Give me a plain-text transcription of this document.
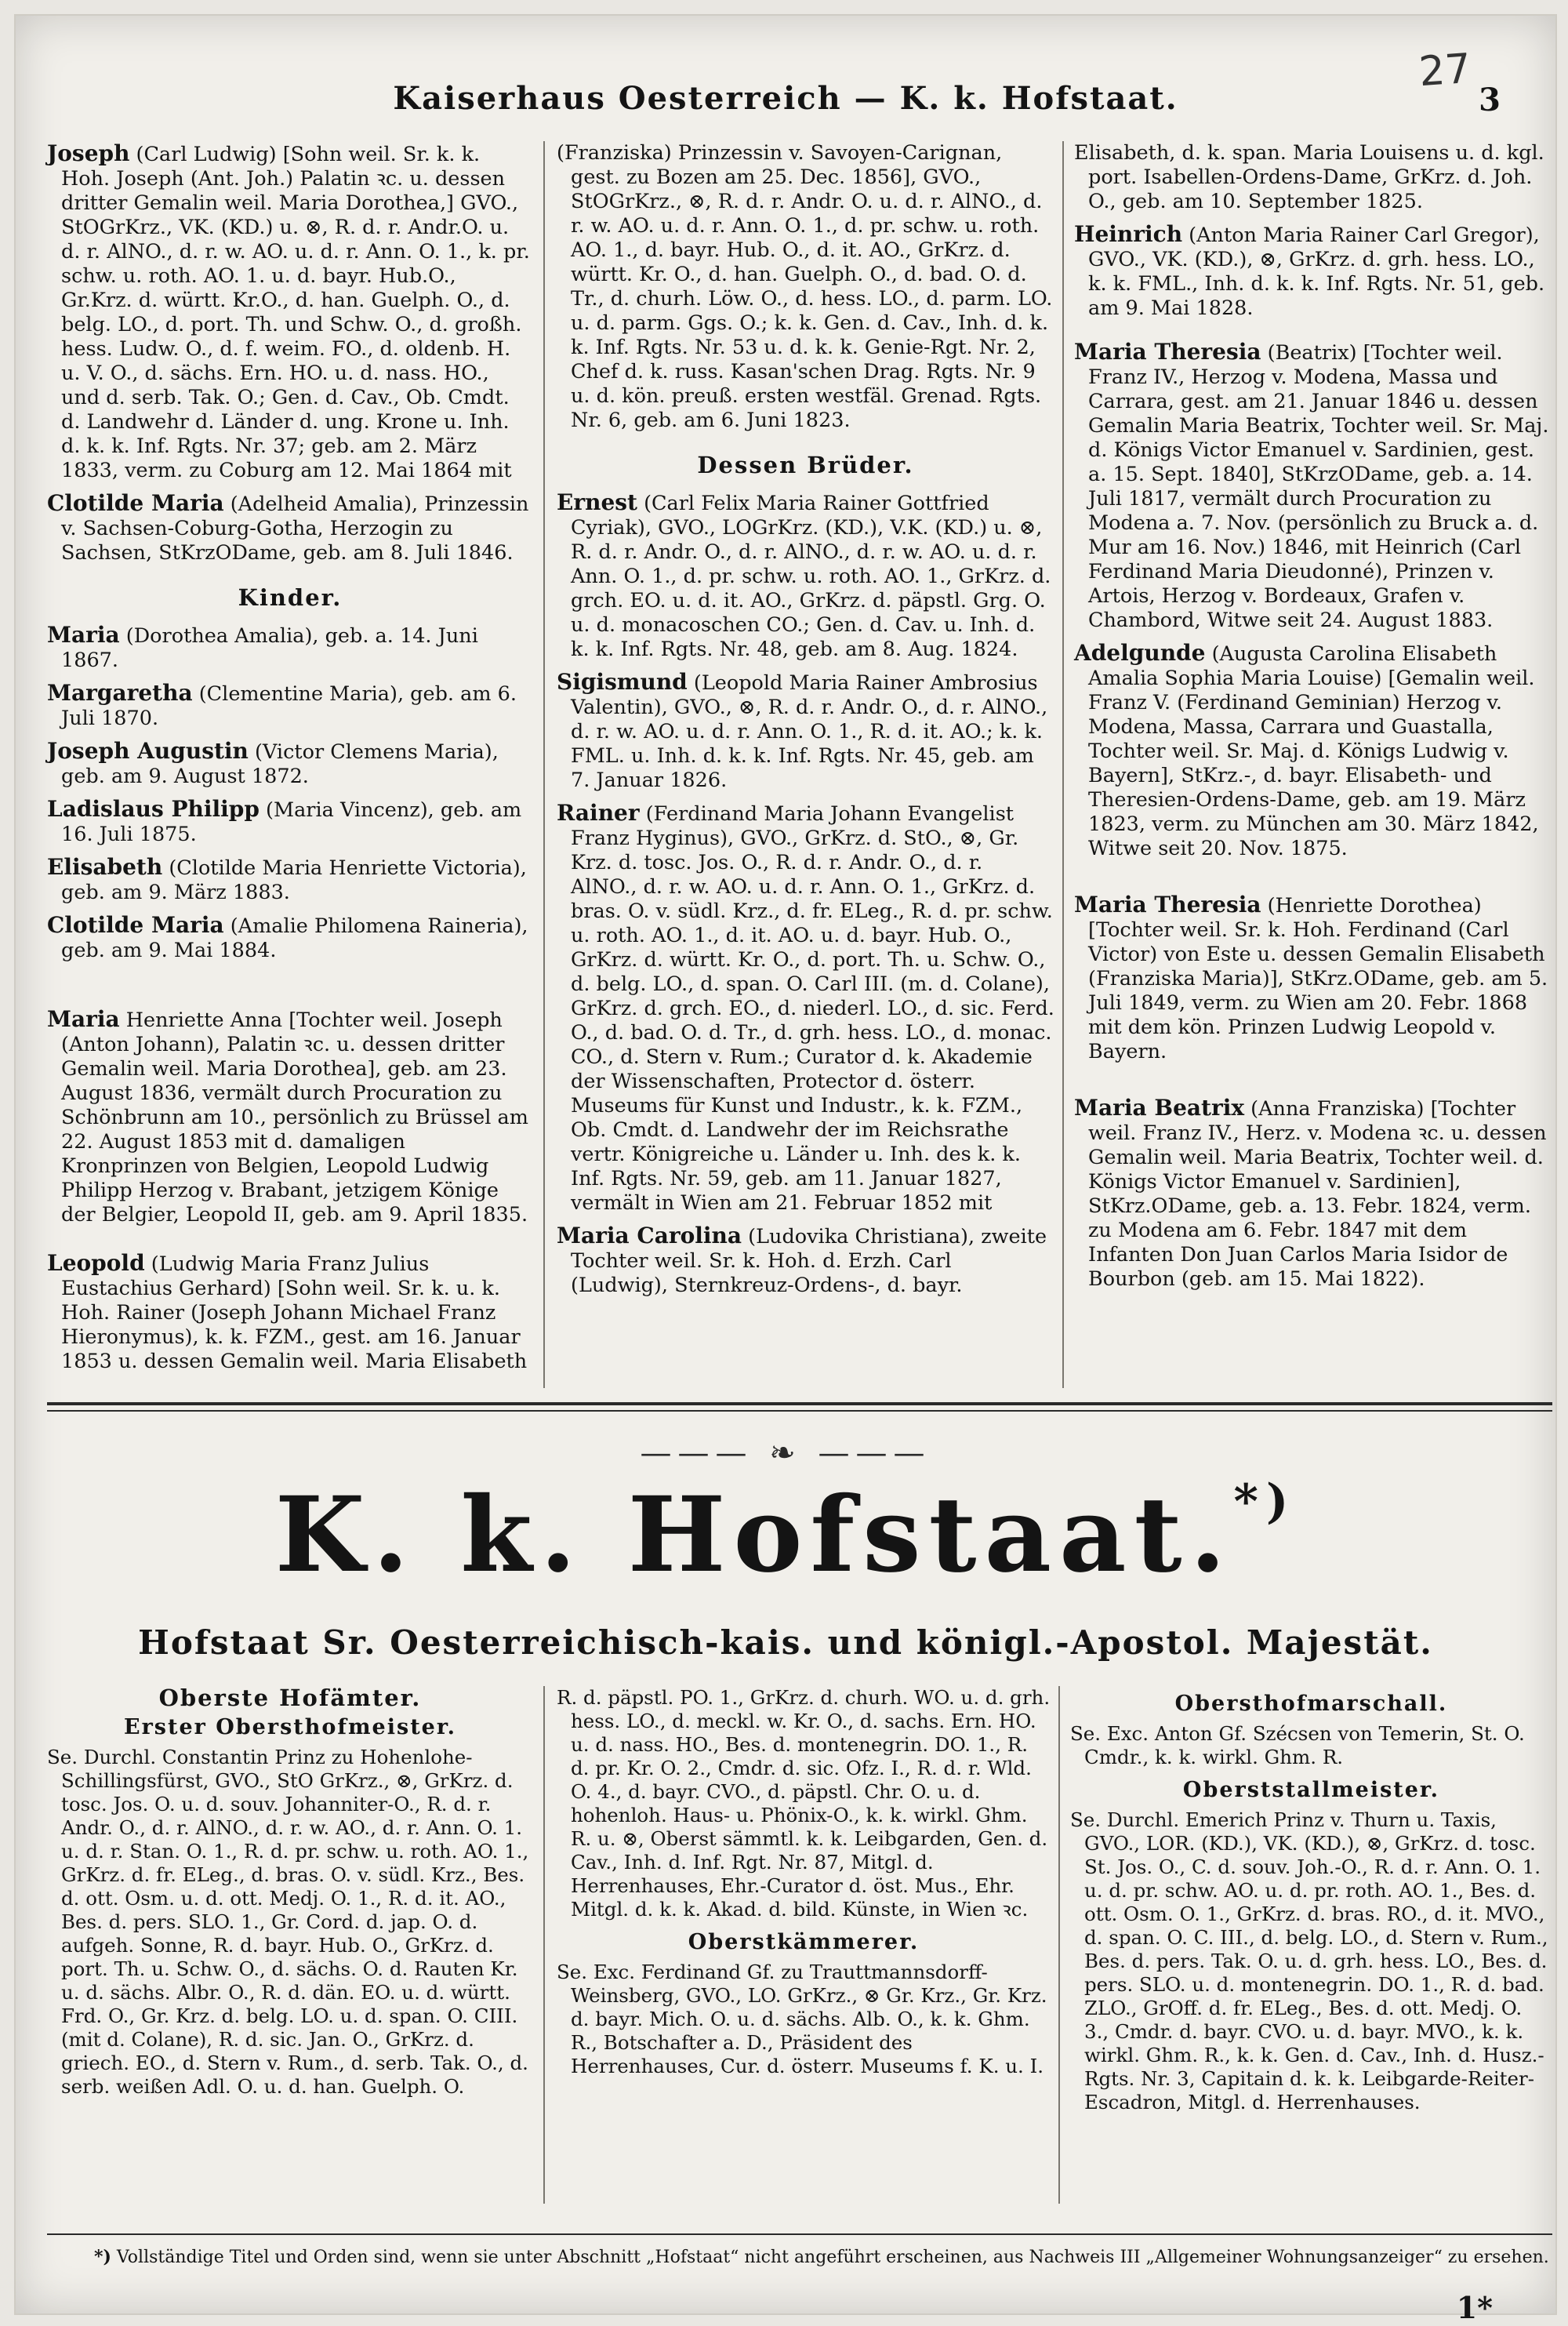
27
Kaiserhaus Oesterreich — K. k. Hofstaat.	3

Joseph (Carl Ludwig) [Sohn weil. Sr. k. k. Hoh. Joseph (Ant. Joh.) Palatin ꝛc. u. dessen dritter Gemalin weil. Maria Dorothea,] GVO., StOGrKrz., VK. (KD.) u. ⊗, R. d. r. Andr.O. u. d. r. AlNO., d. r. w. AO. u. d. r. Ann. O. 1., k. pr. schw. u. roth. AO. 1. u. d. bayr. Hub.O., Gr.Krz. d. württ. Kr.O., d. han. Guelph. O., d. belg. LO., d. port. Th. und Schw. O., d. großh. hess. Ludw. O., d. f. weim. FO., d. oldenb. H. u. V. O., d. sächs. Ern. HO. u. d. nass. HO., und d. serb. Tak. O.; Gen. d. Cav., Ob. Cmdt. d. Landwehr d. Länder d. ung. Krone u. Inh. d. k. k. Inf. Rgts. Nr. 37; geb. am 2. März 1833, verm. zu Coburg am 12. Mai 1864 mit

Clotilde Maria (Adelheid Amalia), Prinzessin v. Sachsen-Coburg-Gotha, Herzogin zu Sachsen, StKrzODame, geb. am 8. Juli 1846.

Kinder.

Maria (Dorothea Amalia), geb. a. 14. Juni 1867.

Margaretha (Clementine Maria), geb. am 6. Juli 1870.

Joseph Augustin (Victor Clemens Maria), geb. am 9. August 1872.

Ladislaus Philipp (Maria Vincenz), geb. am 16. Juli 1875.

Elisabeth (Clotilde Maria Henriette Victoria), geb. am 9. März 1883.

Clotilde Maria (Amalie Philomena Raineria), geb. am 9. Mai 1884.

Maria Henriette Anna [Tochter weil. Joseph (Anton Johann), Palatin ꝛc. u. dessen dritter Gemalin weil. Maria Dorothea], geb. am 23. August 1836, vermält durch Procuration zu Schönbrunn am 10., persönlich zu Brüssel am 22. August 1853 mit d. damaligen Kronprinzen von Belgien, Leopold Ludwig Philipp Herzog v. Brabant, jetzigem Könige der Belgier, Leopold II, geb. am 9. April 1835.

Leopold (Ludwig Maria Franz Julius Eustachius Gerhard) [Sohn weil. Sr. k. u. k. Hoh. Rainer (Joseph Johann Michael Franz Hieronymus), k. k. FZM., gest. am 16. Januar 1853 u. dessen Gemalin weil. Maria Elisabeth

(Franziska) Prinzessin v. Savoyen-Carignan, gest. zu Bozen am 25. Dec. 1856], GVO., StOGrKrz., ⊗, R. d. r. Andr. O. u. d. r. AlNO., d. r. w. AO. u. d. r. Ann. O. 1., d. pr. schw. u. roth. AO. 1., d. bayr. Hub. O., d. it. AO., GrKrz. d. württ. Kr. O., d. han. Guelph. O., d. bad. O. d. Tr., d. churh. Löw. O., d. hess. LO., d. parm. LO. u. d. parm. Ggs. O.; k. k. Gen. d. Cav., Inh. d. k. k. Inf. Rgts. Nr. 53 u. d. k. k. Genie-Rgt. Nr. 2, Chef d. k. russ. Kasan'schen Drag. Rgts. Nr. 9 u. d. kön. preuß. ersten westfäl. Grenad. Rgts. Nr. 6, geb. am 6. Juni 1823.

Dessen Brüder.

Ernest (Carl Felix Maria Rainer Gottfried Cyriak), GVO., LOGrKrz. (KD.), V.K. (KD.) u. ⊗, R. d. r. Andr. O., d. r. AlNO., d. r. w. AO. u. d. r. Ann. O. 1., d. pr. schw. u. roth. AO. 1., GrKrz. d. grch. EO. u. d. it. AO., GrKrz. d. päpstl. Grg. O. u. d. monacoschen CO.; Gen. d. Cav. u. Inh. d. k. k. Inf. Rgts. Nr. 48, geb. am 8. Aug. 1824.

Sigismund (Leopold Maria Rainer Ambrosius Valentin), GVO., ⊗, R. d. r. Andr. O., d. r. AlNO., d. r. w. AO. u. d. r. Ann. O. 1., R. d. it. AO.; k. k. FML. u. Inh. d. k. k. Inf. Rgts. Nr. 45, geb. am 7. Januar 1826.

Rainer (Ferdinand Maria Johann Evangelist Franz Hyginus), GVO., GrKrz. d. StO., ⊗, Gr. Krz. d. tosc. Jos. O., R. d. r. Andr. O., d. r. AlNO., d. r. w. AO. u. d. r. Ann. O. 1., GrKrz. d. bras. O. v. südl. Krz., d. fr. ELeg., R. d. pr. schw. u. roth. AO. 1., d. it. AO. u. d. bayr. Hub. O., GrKrz. d. württ. Kr. O., d. port. Th. u. Schw. O., d. belg. LO., d. span. O. Carl III. (m. d. Colane), GrKrz. d. grch. EO., d. niederl. LO., d. sic. Ferd. O., d. bad. O. d. Tr., d. grh. hess. LO., d. monac. CO., d. Stern v. Rum.; Curator d. k. Akademie der Wissenschaften, Protector d. österr. Museums für Kunst und Industr., k. k. FZM., Ob. Cmdt. d. Landwehr der im Reichsrathe vertr. Königreiche u. Länder u. Inh. des k. k. Inf. Rgts. Nr. 59, geb. am 11. Januar 1827, vermält in Wien am 21. Februar 1852 mit

Maria Carolina (Ludovika Christiana), zweite Tochter weil. Sr. k. Hoh. d. Erzh. Carl (Ludwig), Sternkreuz-Ordens-, d. bayr.

Elisabeth, d. k. span. Maria Louisens u. d. kgl. port. Isabellen-Ordens-Dame, GrKrz. d. Joh. O., geb. am 10. September 1825.

Heinrich (Anton Maria Rainer Carl Gregor), GVO., VK. (KD.), ⊗, GrKrz. d. grh. hess. LO., k. k. FML., Inh. d. k. k. Inf. Rgts. Nr. 51, geb. am 9. Mai 1828.

Maria Theresia (Beatrix) [Tochter weil. Franz IV., Herzog v. Modena, Massa und Carrara, gest. am 21. Januar 1846 u. dessen Gemalin Maria Beatrix, Tochter weil. Sr. Maj. d. Königs Victor Emanuel v. Sardinien, gest. a. 15. Sept. 1840], StKrzODame, geb. a. 14. Juli 1817, vermält durch Procuration zu Modena a. 7. Nov. (persönlich zu Bruck a. d. Mur am 16. Nov.) 1846, mit Heinrich (Carl Ferdinand Maria Dieudonné), Prinzen v. Artois, Herzog v. Bordeaux, Grafen v. Chambord, Witwe seit 24. August 1883.

Adelgunde (Augusta Carolina Elisabeth Amalia Sophia Maria Louise) [Gemalin weil. Franz V. (Ferdinand Geminian) Herzog v. Modena, Massa, Carrara und Guastalla, Tochter weil. Sr. Maj. d. Königs Ludwig v. Bayern], StKrz.-, d. bayr. Elisabeth- und Theresien-Ordens-Dame, geb. am 19. März 1823, verm. zu München am 30. März 1842, Witwe seit 20. Nov. 1875.

Maria Theresia (Henriette Dorothea) [Tochter weil. Sr. k. Hoh. Ferdinand (Carl Victor) von Este u. dessen Gemalin Elisabeth (Franziska Maria)], StKrz.ODame, geb. am 5. Juli 1849, verm. zu Wien am 20. Febr. 1868 mit dem kön. Prinzen Ludwig Leopold v. Bayern.

Maria Beatrix (Anna Franziska) [Tochter weil. Franz IV., Herz. v. Modena ꝛc. u. dessen Gemalin weil. Maria Beatrix, Tochter weil. d. Königs Victor Emanuel v. Sardinien], StKrz.ODame, geb. a. 13. Febr. 1824, verm. zu Modena am 6. Febr. 1847 mit dem Infanten Don Juan Carlos Maria Isidor de Bourbon (geb. am 15. Mai 1822).

——— ❧ ———
K. k. Hofstaat.*)
Hofstaat Sr. Oesterreichisch-kais. und königl.-Apostol. Majestät.
Oberste Hofämter.
Erster Obersthofmeister.

Se. Durchl. Constantin Prinz zu Hohenlohe-Schillingsfürst, GVO., StO GrKrz., ⊗, GrKrz. d. tosc. Jos. O. u. d. souv. Johanniter-O., R. d. r. Andr. O., d. r. AlNO., d. r. w. AO., d. r. Ann. O. 1. u. d. r. Stan. O. 1., R. d. pr. schw. u. roth. AO. 1., GrKrz. d. fr. ELeg., d. bras. O. v. südl. Krz., Bes. d. ott. Osm. u. d. ott. Medj. O. 1., R. d. it. AO., Bes. d. pers. SLO. 1., Gr. Cord. d. jap. O. d. aufgeh. Sonne, R. d. bayr. Hub. O., GrKrz. d. port. Th. u. Schw. O., d. sächs. O. d. Rauten Kr. u. d. sächs. Albr. O., R. d. dän. EO. u. d. württ. Frd. O., Gr. Krz. d. belg. LO. u. d. span. O. CIII. (mit d. Colane), R. d. sic. Jan. O., GrKrz. d. griech. EO., d. Stern v. Rum., d. serb. Tak. O., d. serb. weißen Adl. O. u. d. han. Guelph. O.

R. d. päpstl. PO. 1., GrKrz. d. churh. WO. u. d. grh. hess. LO., d. meckl. w. Kr. O., d. sachs. Ern. HO. u. d. nass. HO., Bes. d. montenegrin. DO. 1., R. d. pr. Kr. O. 2., Cmdr. d. sic. Ofz. I., R. d. r. Wld. O. 4., d. bayr. CVO., d. päpstl. Chr. O. u. d. hohenloh. Haus- u. Phönix-O., k. k. wirkl. Ghm. R. u. ⊗, Oberst sämmtl. k. k. Leibgarden, Gen. d. Cav., Inh. d. Inf. Rgt. Nr. 87, Mitgl. d. Herrenhauses, Ehr.-Curator d. öst. Mus., Ehr. Mitgl. d. k. k. Akad. d. bild. Künste, in Wien ꝛc.

Oberstkämmerer.

Se. Exc. Ferdinand Gf. zu Trauttmannsdorff-Weinsberg, GVO., LO. GrKrz., ⊗ Gr. Krz., Gr. Krz. d. bayr. Mich. O. u. d. sächs. Alb. O., k. k. Ghm. R., Botschafter a. D., Präsident des Herrenhauses, Cur. d. österr. Museums f. K. u. I.

Obersthofmarschall.

Se. Exc. Anton Gf. Szécsen von Temerin, St. O. Cmdr., k. k. wirkl. Ghm. R.

Oberststallmeister.

Se. Durchl. Emerich Prinz v. Thurn u. Taxis, GVO., LOR. (KD.), VK. (KD.), ⊗, GrKrz. d. tosc. St. Jos. O., C. d. souv. Joh.-O., R. d. r. Ann. O. 1. u. d. pr. schw. AO. u. d. pr. roth. AO. 1., Bes. d. ott. Osm. O. 1., GrKrz. d. bras. RO., d. it. MVO., d. span. O. C. III., d. belg. LO., d. Stern v. Rum., Bes. d. pers. Tak. O. u. d. grh. hess. LO., Bes. d. pers. SLO. u. d. montenegrin. DO. 1., R. d. bad. ZLO., GrOff. d. fr. ELeg., Bes. d. ott. Medj. O. 3., Cmdr. d. bayr. CVO. u. d. bayr. MVO., k. k. wirkl. Ghm. R., k. k. Gen. d. Cav., Inh. d. Husz.-Rgts. Nr. 3, Capitain d. k. k. Leibgarde-Reiter-Escadron, Mitgl. d. Herrenhauses.

*) Vollständige Titel und Orden sind, wenn sie unter Abschnitt „Hofstaat“ nicht angeführt erscheinen, aus Nachweis III „Allgemeiner Wohnungsanzeiger“ zu ersehen.
1*
